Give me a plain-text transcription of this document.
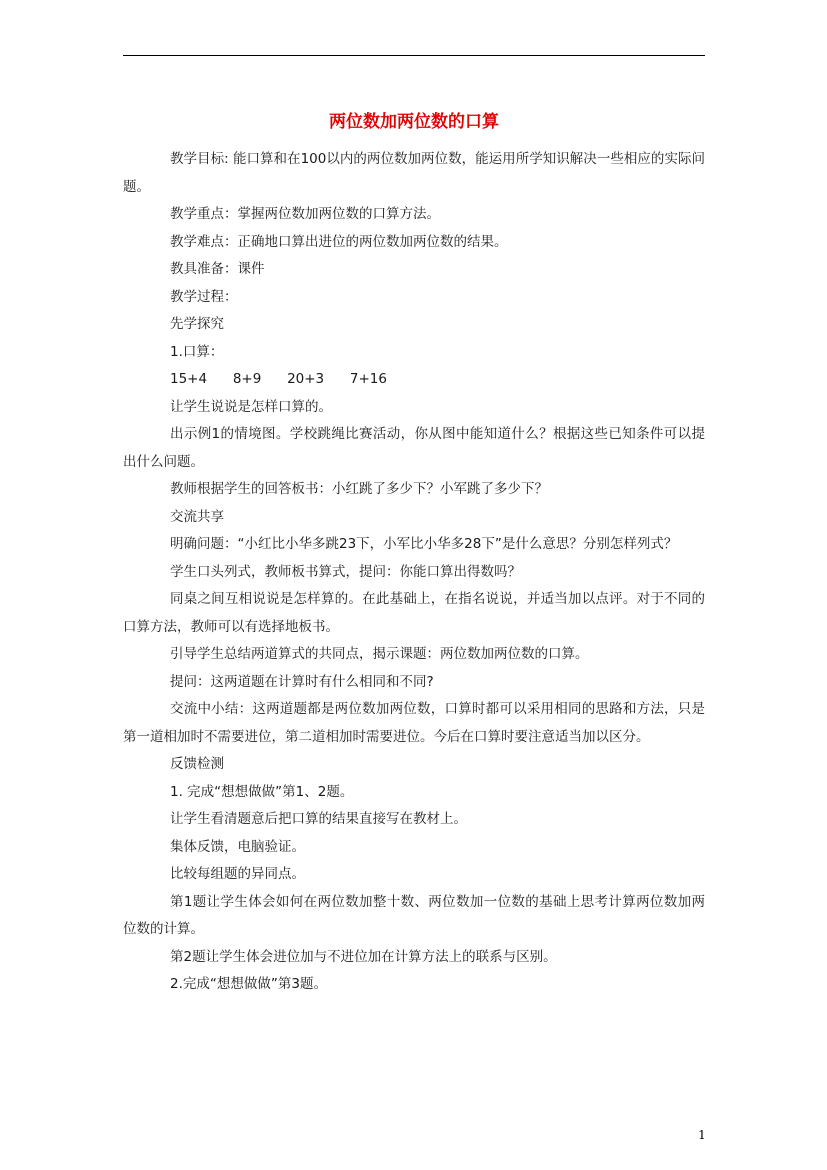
两位数加两位数的口算

教学目标: 能口算和在100以内的两位数加两位数，能运用所学知识解决一些相应的实际问题。

教学重点：掌握两位数加两位数的口算方法。

教学难点：正确地口算出进位的两位数加两位数的结果。

教具准备：课件

教学过程：

先学探究

1.口算：

15+4      8+9      20+3      7+16

让学生说说是怎样口算的。

出示例1的情境图。学校跳绳比赛活动，你从图中能知道什么？根据这些已知条件可以提出什么问题。

教师根据学生的回答板书：小红跳了多少下？小军跳了多少下？

交流共享

明确问题：“小红比小华多跳23下，小军比小华多28下”是什么意思？分别怎样列式？

学生口头列式，教师板书算式，提问：你能口算出得数吗？

同桌之间互相说说是怎样算的。在此基础上，在指名说说，并适当加以点评。对于不同的口算方法，教师可以有选择地板书。

引导学生总结两道算式的共同点，揭示课题：两位数加两位数的口算。

提问：这两道题在计算时有什么相同和不同?

交流中小结：这两道题都是两位数加两位数，口算时都可以采用相同的思路和方法，只是第一道相加时不需要进位，第二道相加时需要进位。今后在口算时要注意适当加以区分。

反馈检测

1. 完成“想想做做”第1、2题。

让学生看清题意后把口算的结果直接写在教材上。

集体反馈，电脑验证。

比较每组题的异同点。

第1题让学生体会如何在两位数加整十数、两位数加一位数的基础上思考计算两位数加两位数的计算。

第2题让学生体会进位加与不进位加在计算方法上的联系与区别。

2.完成“想想做做”第3题。

1
